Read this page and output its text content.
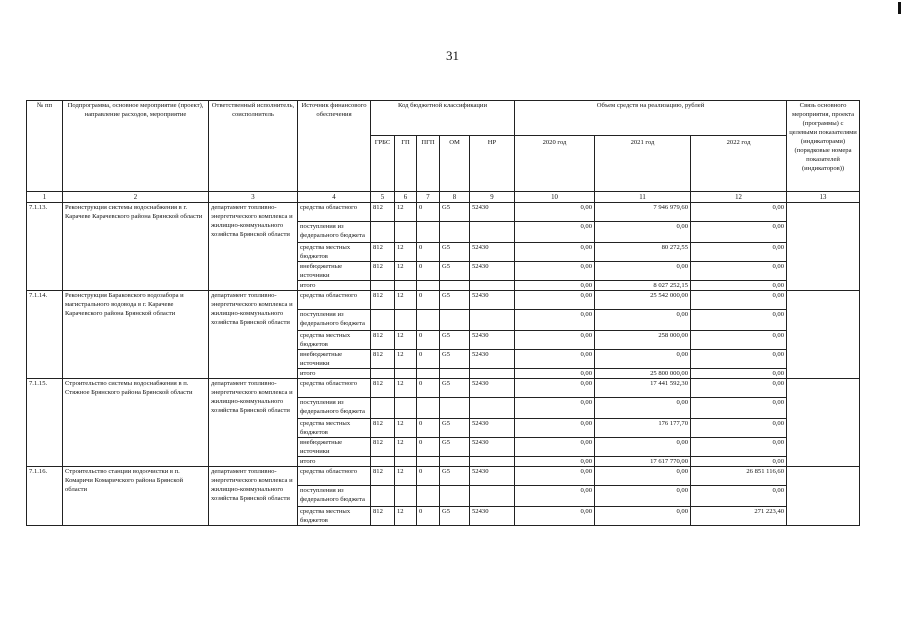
31
№ пп	Подпрограмма, основное мероприятие (проект), направление расходов, мероприятие	Ответственный исполнитель, соисполнитель	Источник финансового обеспечения	Код бюджетной классификации					Объем средств на реализацию, рублей			Связь основного мероприятия, проекта (программы) с целевыми показателями (индикаторами) (порядковые номера показателей (индикаторов))
				ГРБС	ГП	ПГП	ОМ	НР	2020 год	2021 год	2022 год	
1	2	3	4	5	6	7	8	9	10	11	12	13
7.1.13.	Реконструкция системы водоснабжения в г. Карачеве Карачевского района Брянской области	департамент топливно-энергетического комплекса и жилищно-коммунального хозяйства Брянской области	средства областного	812	12	0	G5	52430	0,00	7 946 979,60	0,00	
			поступления из федерального бюджета						0,00	0,00	0,00	
			средства местных бюджетов	812	12	0	G5	52430	0,00	80 272,55	0,00	
			внебюджетные источники	812	12	0	G5	52430	0,00	0,00	0,00	
			итого						0,00	8 027 252,15	0,00	
7.1.14.	Реконструкция Бараковского водозабора и магистрального водовода в г. Карачеве Карачевского района Брянской области	департамент топливно-энергетического комплекса и жилищно-коммунального хозяйства Брянской области	средства областного	812	12	0	G5	52430	0,00	25 542 000,00	0,00	
			поступления из федерального бюджета						0,00	0,00	0,00	
			средства местных бюджетов	812	12	0	G5	52430	0,00	258 000,00	0,00	
			внебюджетные источники	812	12	0	G5	52430	0,00	0,00	0,00	
			итого						0,00	25 800 000,00	0,00	
7.1.15.	Строительство системы водоснабжения в п. Стяжное Брянского района Брянской области	департамент топливно-энергетического комплекса и жилищно-коммунального хозяйства Брянской области	средства областного	812	12	0	G5	52430	0,00	17 441 592,30	0,00	
			поступления из федерального бюджета						0,00	0,00	0,00	
			средства местных бюджетов	812	12	0	G5	52430	0,00	176 177,70	0,00	
			внебюджетные источники	812	12	0	G5	52430	0,00	0,00	0,00	
			итого						0,00	17 617 770,00	0,00	
7.1.16.	Строительство станции водоочистки в п. Комаричи Комаричского района Брянской области	департамент топливно-энергетического комплекса и жилищно-коммунального хозяйства Брянской области	средства областного	812	12	0	G5	52430	0,00	0,00	26 851 116,60	
			поступления из федерального бюджета						0,00	0,00	0,00	
			средства местных бюджетов	812	12	0	G5	52430	0,00	0,00	271 223,40	
